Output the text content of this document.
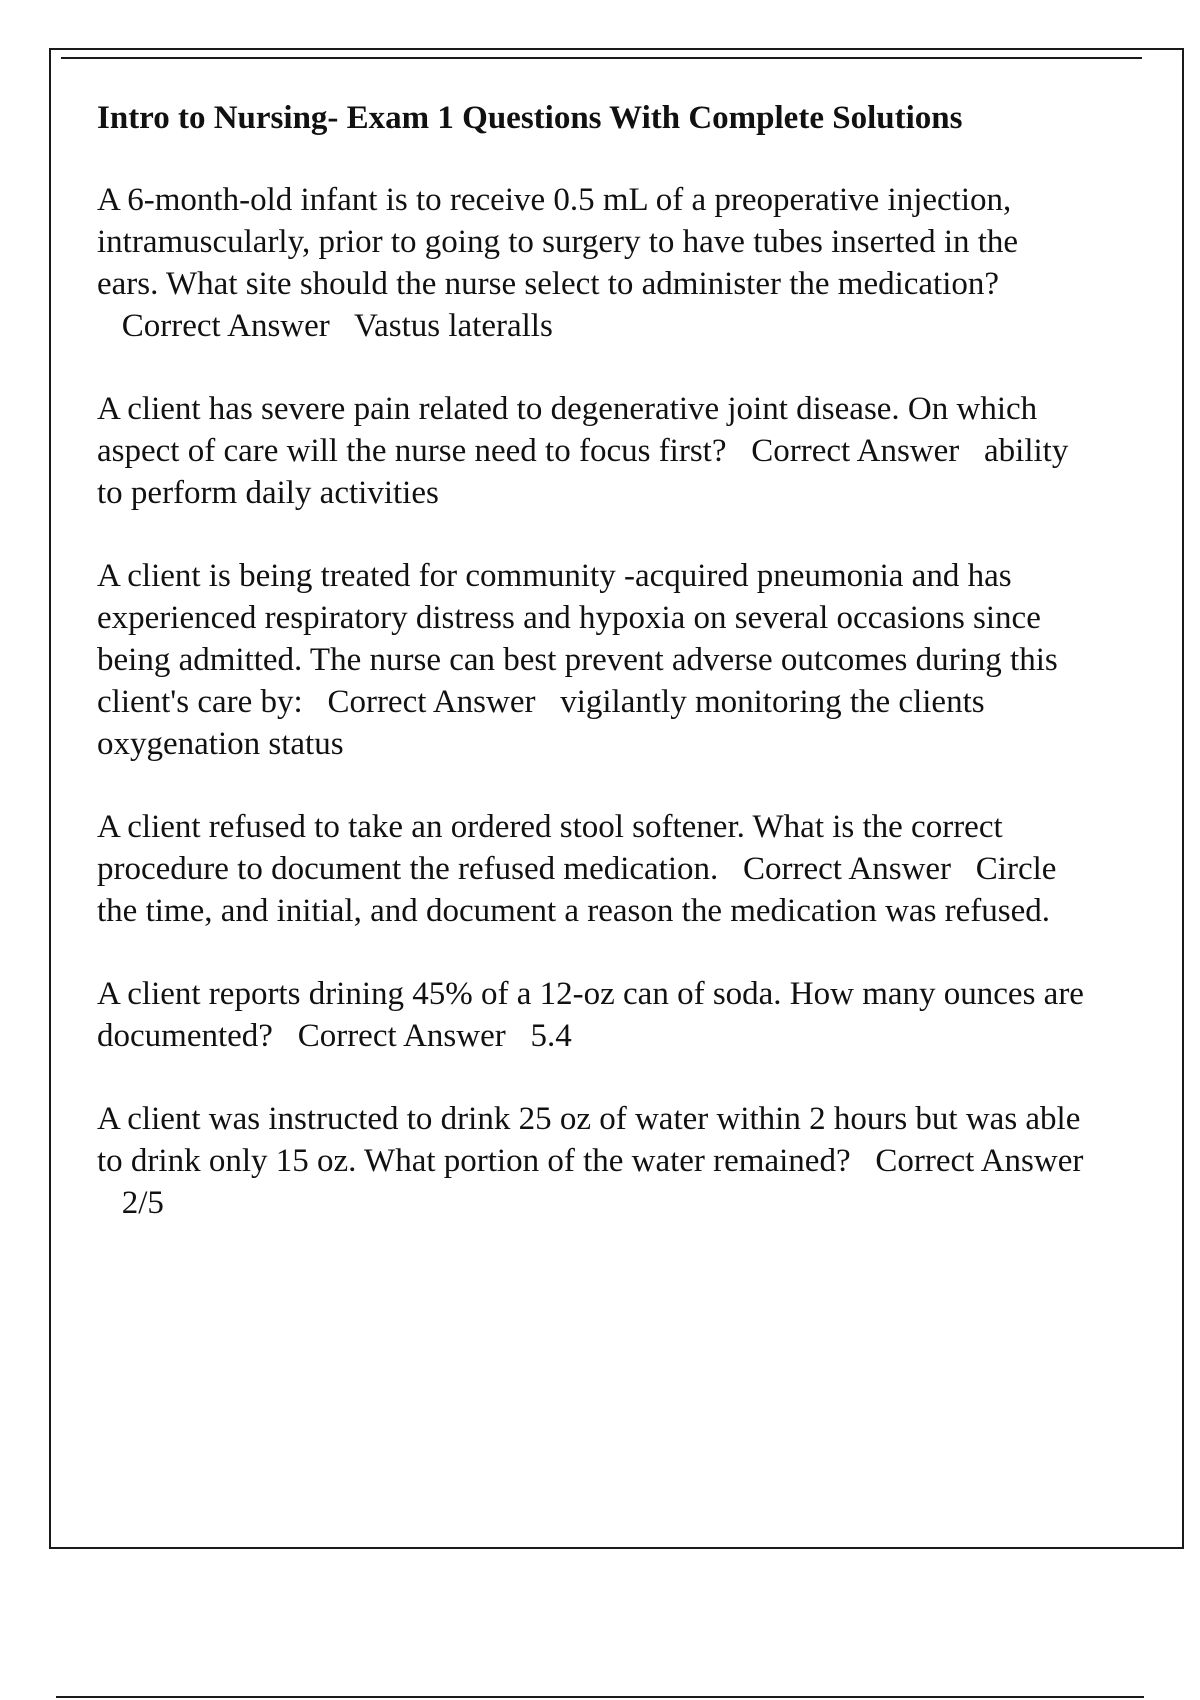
Intro to Nursing- Exam 1 Questions With Complete Solutions

A 6-month-old infant is to receive 0.5 mL of a preoperative injection, intramuscularly, prior to going to surgery to have tubes inserted in the ears. What site should the nurse select to administer the medication?   Correct Answer Vastus lateralls

A client has severe pain related to degenerative joint disease. On which aspect of care will the nurse need to focus first? Correct Answer ability to perform daily activities

A client is being treated for community -acquired pneumonia and has experienced respiratory distress and hypoxia on several occasions since being admitted. The nurse can best prevent adverse outcomes during this client's care by: Correct Answer vigilantly monitoring the clients oxygenation status

A client refused to take an ordered stool softener. What is the correct procedure to document the refused medication. Correct Answer Circle the time, and initial, and document a reason the medication was refused.

A client reports drining 45% of a 12-oz can of soda. How many ounces are documented? Correct Answer 5.4

A client was instructed to drink 25 oz of water within 2 hours but was able to drink only 15 oz. What portion of the water remained? Correct Answer   2/5
